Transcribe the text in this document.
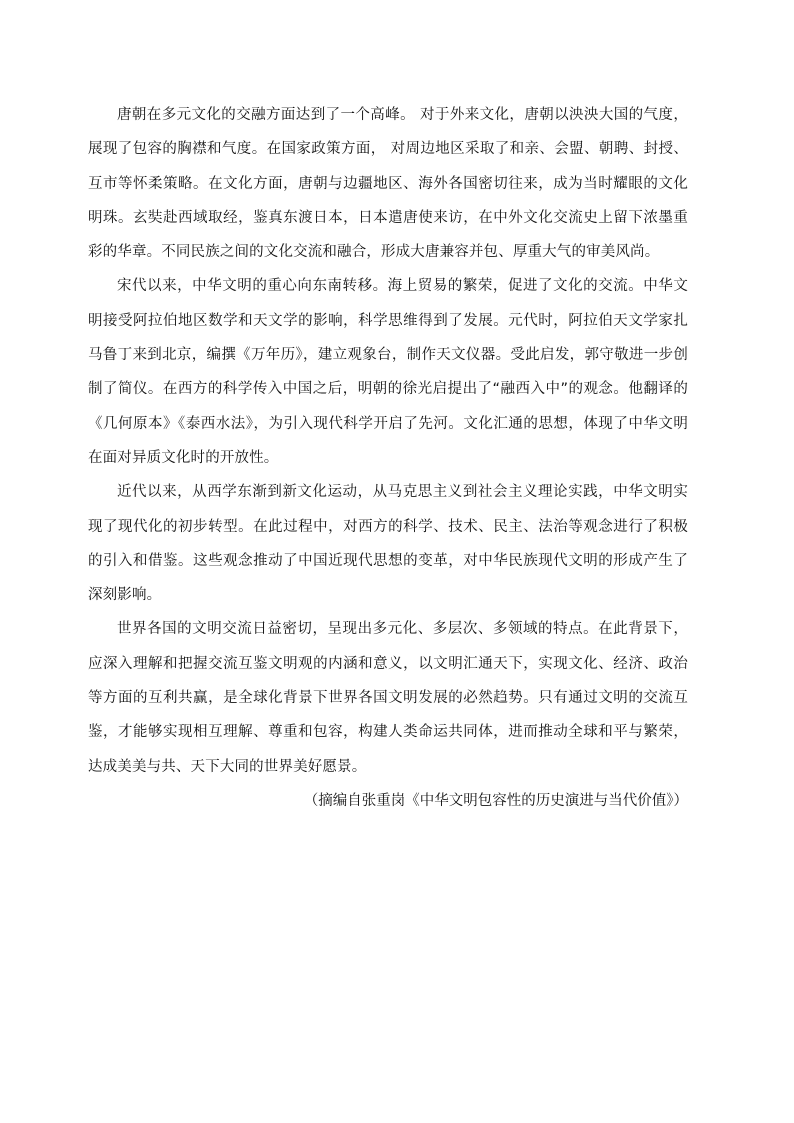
唐朝在多元文化的交融方面达到了一个高峰。 对于外来文化，唐朝以泱泱大国的气度，展现了包容的胸襟和气度。在国家政策方面， 对周边地区采取了和亲、会盟、朝聘、封授、互市等怀柔策略。在文化方面，唐朝与边疆地区、海外各国密切往来，成为当时耀眼的文化明珠。玄奘赴西域取经，鉴真东渡日本，日本遣唐使来访，在中外文化交流史上留下浓墨重彩的华章。不同民族之间的文化交流和融合，形成大唐兼容并包、厚重大气的审美风尚。

宋代以来，中华文明的重心向东南转移。海上贸易的繁荣，促进了文化的交流。中华文明接受阿拉伯地区数学和天文学的影响，科学思维得到了发展。元代时，阿拉伯天文学家扎马鲁丁来到北京，编撰《万年历》，建立观象台，制作天文仪器。受此启发，郭守敬进一步创制了简仪。在西方的科学传入中国之后，明朝的徐光启提出了“融西入中”的观念。他翻译的《几何原本》《泰西水法》，为引入现代科学开启了先河。文化汇通的思想，体现了中华文明在面对异质文化时的开放性。

近代以来，从西学东渐到新文化运动，从马克思主义到社会主义理论实践，中华文明实现了现代化的初步转型。在此过程中，对西方的科学、技术、民主、法治等观念进行了积极的引入和借鉴。这些观念推动了中国近现代思想的变革，对中华民族现代文明的形成产生了深刻影响。

世界各国的文明交流日益密切，呈现出多元化、多层次、多领域的特点。在此背景下，应深入理解和把握交流互鉴文明观的内涵和意义，以文明汇通天下，实现文化、经济、政治等方面的互利共赢，是全球化背景下世界各国文明发展的必然趋势。只有通过文明的交流互鉴，才能够实现相互理解、尊重和包容，构建人类命运共同体，进而推动全球和平与繁荣，达成美美与共、天下大同的世界美好愿景。

（摘编自张重岗《中华文明包容性的历史演进与当代价值》）
